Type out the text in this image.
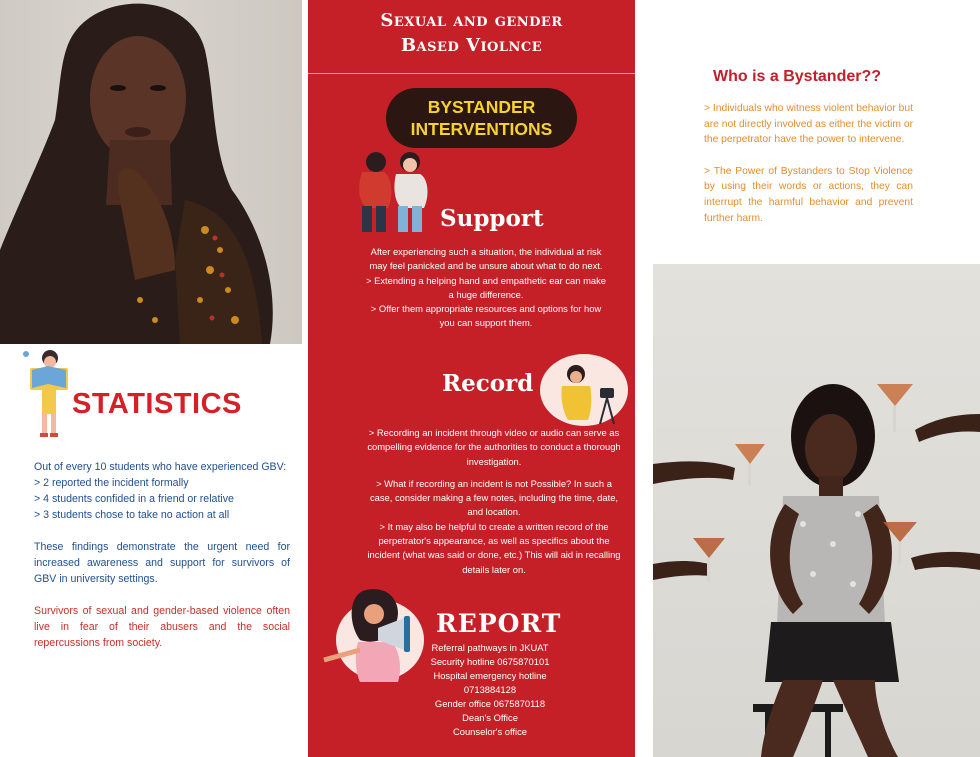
STATISTICS

Out of every 10 students who have experienced GBV:

> 2 reported the incident formally

> 4 students confided in a friend or relative

> 3 students chose to take no action at all

These findings demonstrate the urgent need for increased awareness and support for survivors of GBV in university settings.

Survivors of sexual and gender-based violence often live in fear of their abusers and the social repercussions from society.

Sexual and gender
Based Violnce
BYSTANDER
INTERVENTIONS
Support

After experiencing such a situation, the individual at risk may feel panicked and be unsure about what to do next.

> Extending a helping hand and empathetic ear can make a huge difference.

> Offer them appropriate resources and options for how you can support them.

Record

> Recording an incident through video or audio can serve as compelling evidence for the authorities to conduct a thorough investigation.

> What if recording an incident is not Possible? In such a case, consider making a few notes, including the time, date, and location.

> It may also be helpful to create a written record of the perpetrator's appearance, as well as specifics about the incident (what was said or done, etc.) This will aid in recalling details later on.

REPORT

Referral pathways in JKUAT

Security hotline 0675870101

Hospital emergency hotline

0713884128

Gender office 0675870118

Dean's Office

Counselor's office

Who is a Bystander??

> Individuals who witness violent behavior but are not directly involved as either the victim or the perpetrator have the power to intervene.

> The Power of Bystanders to Stop Violence by using their words or actions, they can interrupt the harmful behavior and prevent further harm.
